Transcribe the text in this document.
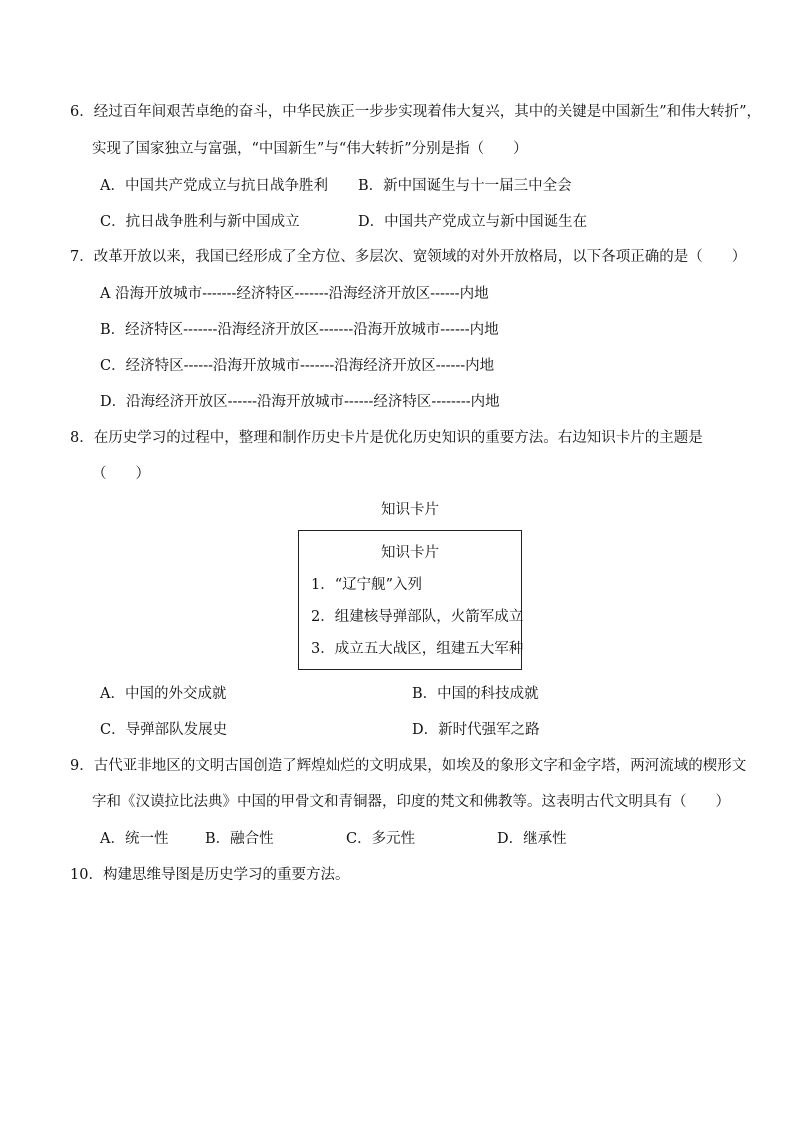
6．经过百年间艰苦卓绝的奋斗，中华民族正一步步实现着伟大复兴，其中的关键是中国新生”和伟大转折”，
实现了国家独立与富强，“中国新生”与“伟大转折”分别是指（　　）
A．中国共产党成立与抗日战争胜利 B．新中国诞生与十一届三中全会
C．抗日战争胜利与新中国成立	D．中国共产党成立与新中国诞生在
7．改革开放以来，我国已经形成了全方位、多层次、宽领域的对外开放格局，以下各项正确的是（　　）
A 沿海开放城市-------经济特区-------沿海经济开放区------内地
B．经济特区-------沿海经济开放区-------沿海开放城市------内地
C．经济特区------沿海开放城市-------沿海经济开放区------内地
D．沿海经济开放区------沿海开放城市------经济特区--------内地
8．在历史学习的过程中，整理和制作历史卡片是优化历史知识的重要方法。右边知识卡片的主题是
（　　）
知识卡片
知识卡片
1．“辽宁舰”入列
2．组建核导弹部队，火箭军成立
3．成立五大战区，组建五大军种
A．中国的外交成就	B．中国的科技成就
C．导弹部队发展史	D．新时代强军之路
9．古代亚非地区的文明古国创造了辉煌灿烂的文明成果，如埃及的象形文字和金字塔，两河流域的楔形文
字和《汉谟拉比法典》中国的甲骨文和青铜器，印度的梵文和佛教等。这表明古代文明具有（　　）
A．统一性	B．融合性	C．多元性	D．继承性
10．构建思维导图是历史学习的重要方法。
